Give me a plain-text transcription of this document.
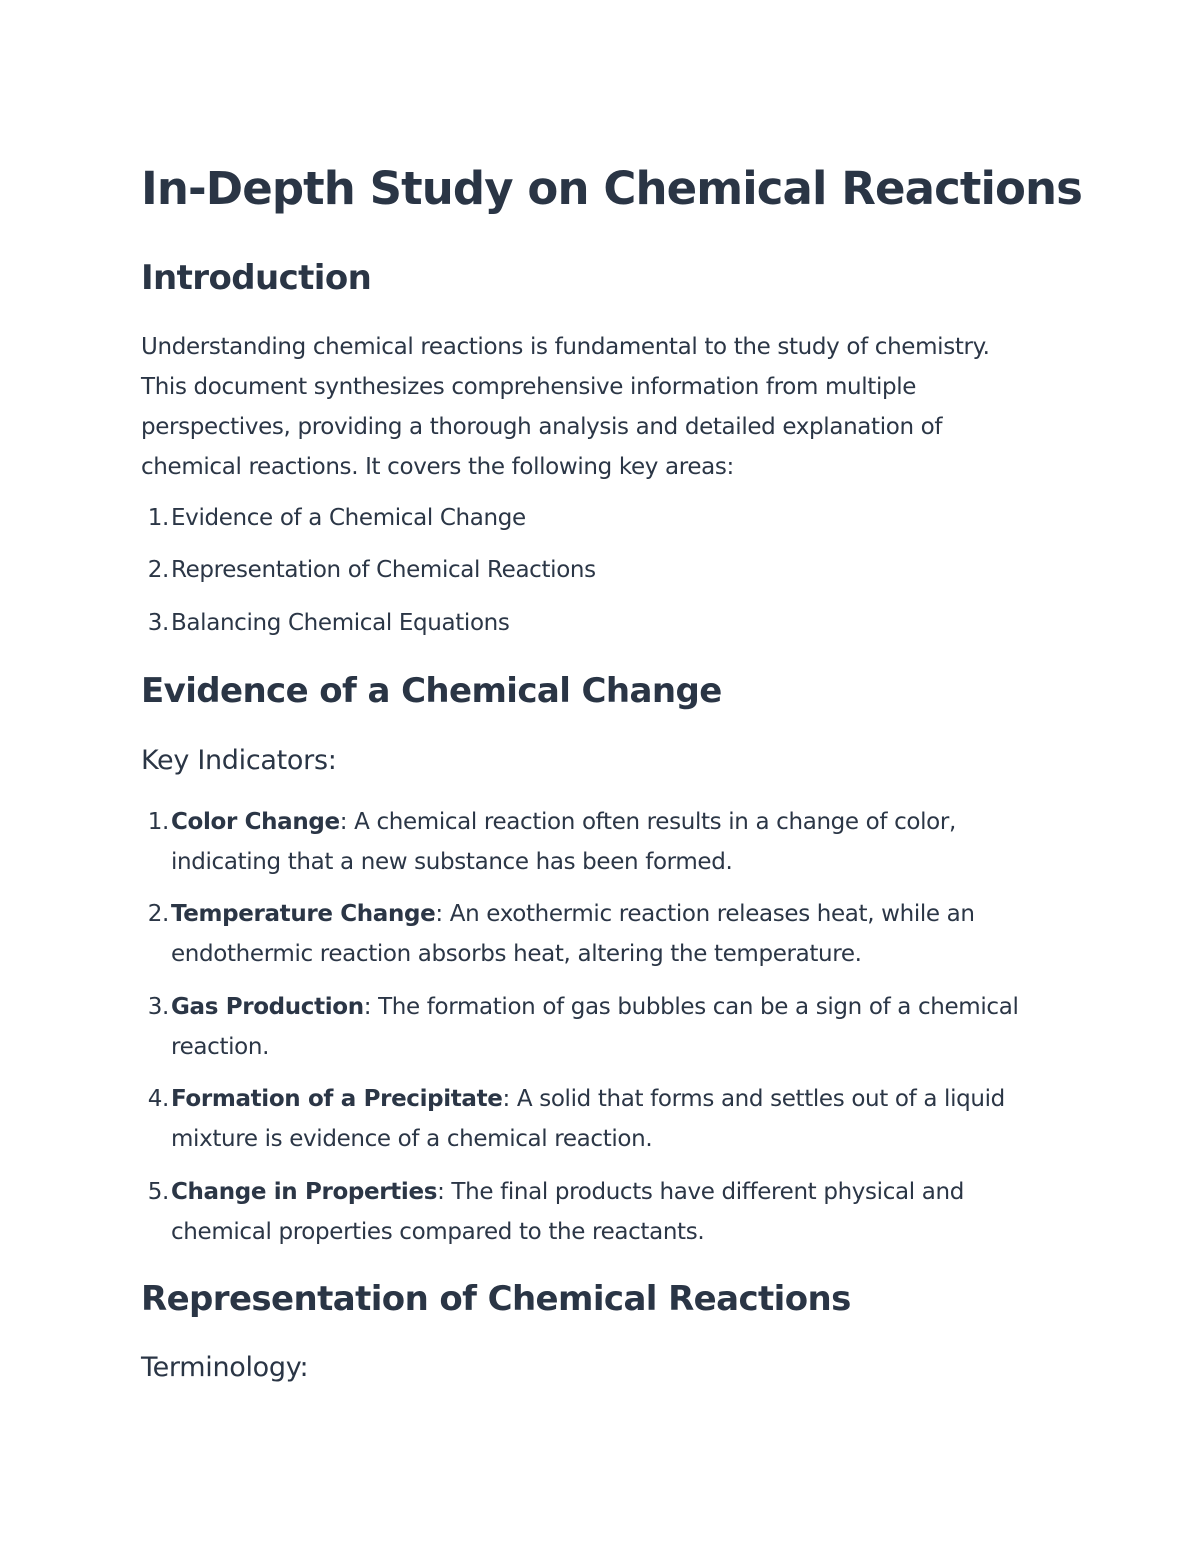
In-Depth Study on Chemical Reactions
Introduction

Understanding chemical reactions is fundamental to the study of chemistry. This document synthesizes comprehensive information from multiple perspectives, providing a thorough analysis and detailed explanation of chemical reactions. It covers the following key areas:

1. Evidence of a Chemical Change
2. Representation of Chemical Reactions
3. Balancing Chemical Equations
Evidence of a Chemical Change
Key Indicators:
1. Color Change: A chemical reaction often results in a change of color, indicating that a new substance has been formed.
2. Temperature Change: An exothermic reaction releases heat, while an endothermic reaction absorbs heat, altering the temperature.
3. Gas Production: The formation of gas bubbles can be a sign of a chemical reaction.
4. Formation of a Precipitate: A solid that forms and settles out of a liquid mixture is evidence of a chemical reaction.
5. Change in Properties: The final products have different physical and chemical properties compared to the reactants.
Representation of Chemical Reactions
Terminology:
